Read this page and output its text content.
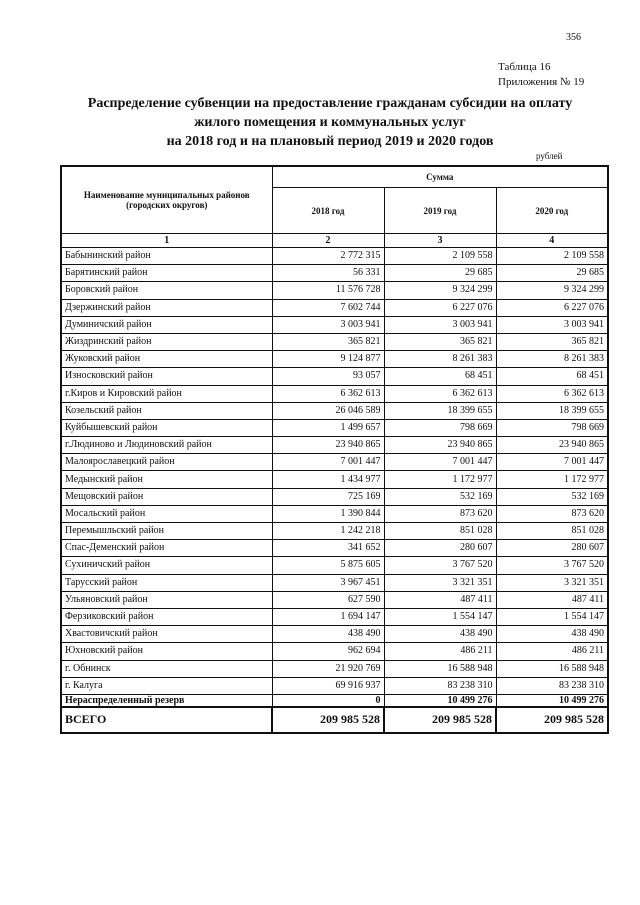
356
Таблица 16
Приложения № 19
Распределение субвенции на предоставление гражданам субсидии на оплату
жилого помещения и коммунальных услуг
на 2018 год и на плановый период 2019 и 2020 годов
рублей
Наименование муниципальных районов (городских округов)	Сумма		
	2018 год	2019 год	2020 год
1	2	3	4
Бабынинский район	2 772 315	2 109 558	2 109 558
Барятинский район	56 331	29 685	29 685
Боровский район	11 576 728	9 324 299	9 324 299
Дзержинский район	7 602 744	6 227 076	6 227 076
Думиничский район	3 003 941	3 003 941	3 003 941
Жиздринский район	365 821	365 821	365 821
Жуковский район	9 124 877	8 261 383	8 261 383
Износковский район	93 057	68 451	68 451
г.Киров и Кировский район	6 362 613	6 362 613	6 362 613
Козельский район	26 046 589	18 399 655	18 399 655
Куйбышевский район	1 499 657	798 669	798 669
г.Людиново и Людиновский район	23 940 865	23 940 865	23 940 865
Малоярославецкий район	7 001 447	7 001 447	7 001 447
Медынский район	1 434 977	1 172 977	1 172 977
Мещовский район	725 169	532 169	532 169
Мосальский район	1 390 844	873 620	873 620
Перемышльский район	1 242 218	851 028	851 028
Спас-Деменский район	341 652	280 607	280 607
Сухиничский район	5 875 605	3 767 520	3 767 520
Тарусский район	3 967 451	3 321 351	3 321 351
Ульяновский район	627 590	487 411	487 411
Ферзиковский район	1 694 147	1 554 147	1 554 147
Хвастовичский район	438 490	438 490	438 490
Юхновский район	962 694	486 211	486 211
г. Обнинск	21 920 769	16 588 948	16 588 948
г. Калуга	69 916 937	83 238 310	83 238 310
Нераспределенный резерв	0	10 499 276	10 499 276
ВСЕГО	209 985 528	209 985 528	209 985 528
